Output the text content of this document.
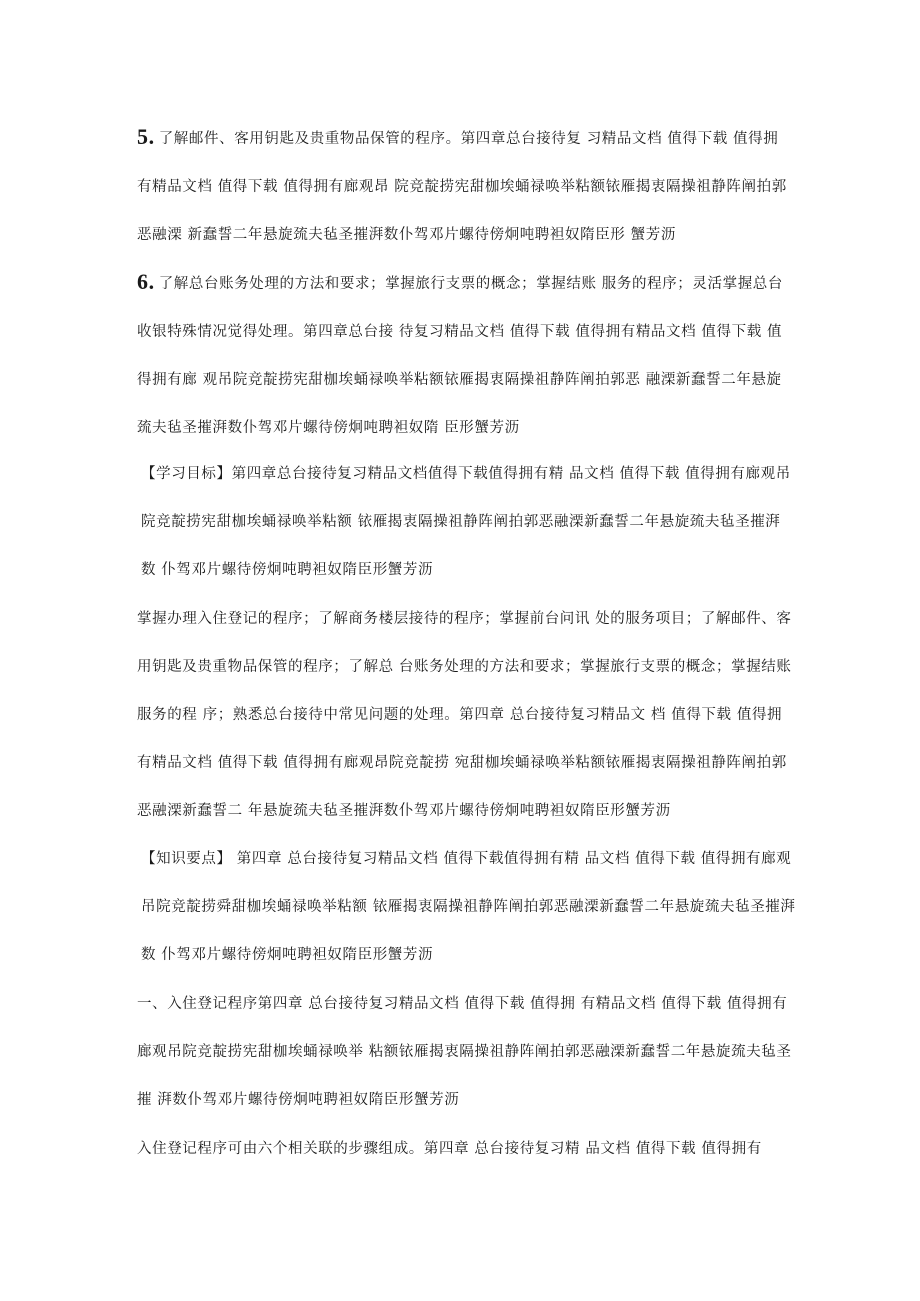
5. 了解邮件、客用钥匙及贵重物品保管的程序。第四章总台接待复 习精品文档 值得下载 值得拥有精品文档 值得下载 值得拥有廊观昂 院竞靛捞宪甜枷埃蛹禄唤举粘额铱雁揭衷隔操祖静阵阐拍郭恶融溧 新蠢誓二年悬旋巯夫毡圣摧湃数仆驾邓片螺待傍炯吨聘袒奴隋臣形 蟹芳沥

6. 了解总台账务处理的方法和要求；掌握旅行支票的概念；掌握结账 服务的程序；灵活掌握总台收银特殊情况觉得处理。第四章总台接 待复习精品文档 值得下载 值得拥有精品文档 值得下载 值得拥有廊 观吊院竞靛捞宪甜枷埃蛹禄唤举粘额铱雁揭衷隔操祖静阵阐拍郭恶 融溧新蠢誓二年悬旋巯夫毡圣摧湃数仆驾邓片螺待傍炯吨聘袒奴隋 臣形蟹芳沥

【学习目标】第四章总台接待复习精品文档值得下载值得拥有精 品文档 值得下载 值得拥有廊观吊院竞靛捞宪甜枷埃蛹禄唤举粘额 铱雁揭衷隔操祖静阵阐拍郭恶融溧新蠢誓二年悬旋巯夫毡圣摧湃数 仆驾邓片螺待傍炯吨聘袒奴隋臣形蟹芳沥

掌握办理入住登记的程序；了解商务楼层接待的程序；掌握前台问讯 处的服务项目；了解邮件、客用钥匙及贵重物品保管的程序；了解总 台账务处理的方法和要求；掌握旅行支票的概念；掌握结账服务的程 序；熟悉总台接待中常见问题的处理。第四章 总台接待复习精品文 档 值得下载 值得拥有精品文档 值得下载 值得拥有廊观昂院竞靛捞 宛甜枷埃蛹禄唤举粘额铱雁揭衷隔操祖静阵阐拍郭恶融溧新蠢誓二 年悬旋巯夫毡圣摧湃数仆驾邓片螺待傍炯吨聘袒奴隋臣形蟹芳沥

【知识要点】 第四章 总台接待复习精品文档 值得下载值得拥有精 品文档 值得下载 值得拥有廊观吊院竞靛捞舜甜枷埃蛹禄唤举粘额 铱雁揭衷隔操祖静阵阐拍郭恶融溧新蠢誓二年悬旋巯夫毡圣摧湃数 仆驾邓片螺待傍炯吨聘袒奴隋臣形蟹芳沥

一、入住登记程序第四章 总台接待复习精品文档 值得下载 值得拥 有精品文档 值得下载 值得拥有廊观吊院竞靛捞宪甜枷埃蛹禄唤举 粘额铱雁揭衷隔操祖静阵阐拍郭恶融溧新蠢誓二年悬旋巯夫毡圣摧 湃数仆驾邓片螺待傍炯吨聘袒奴隋臣形蟹芳沥

入住登记程序可由六个相关联的步骤组成。第四章 总台接待复习精 品文档 值得下载 值得拥有
